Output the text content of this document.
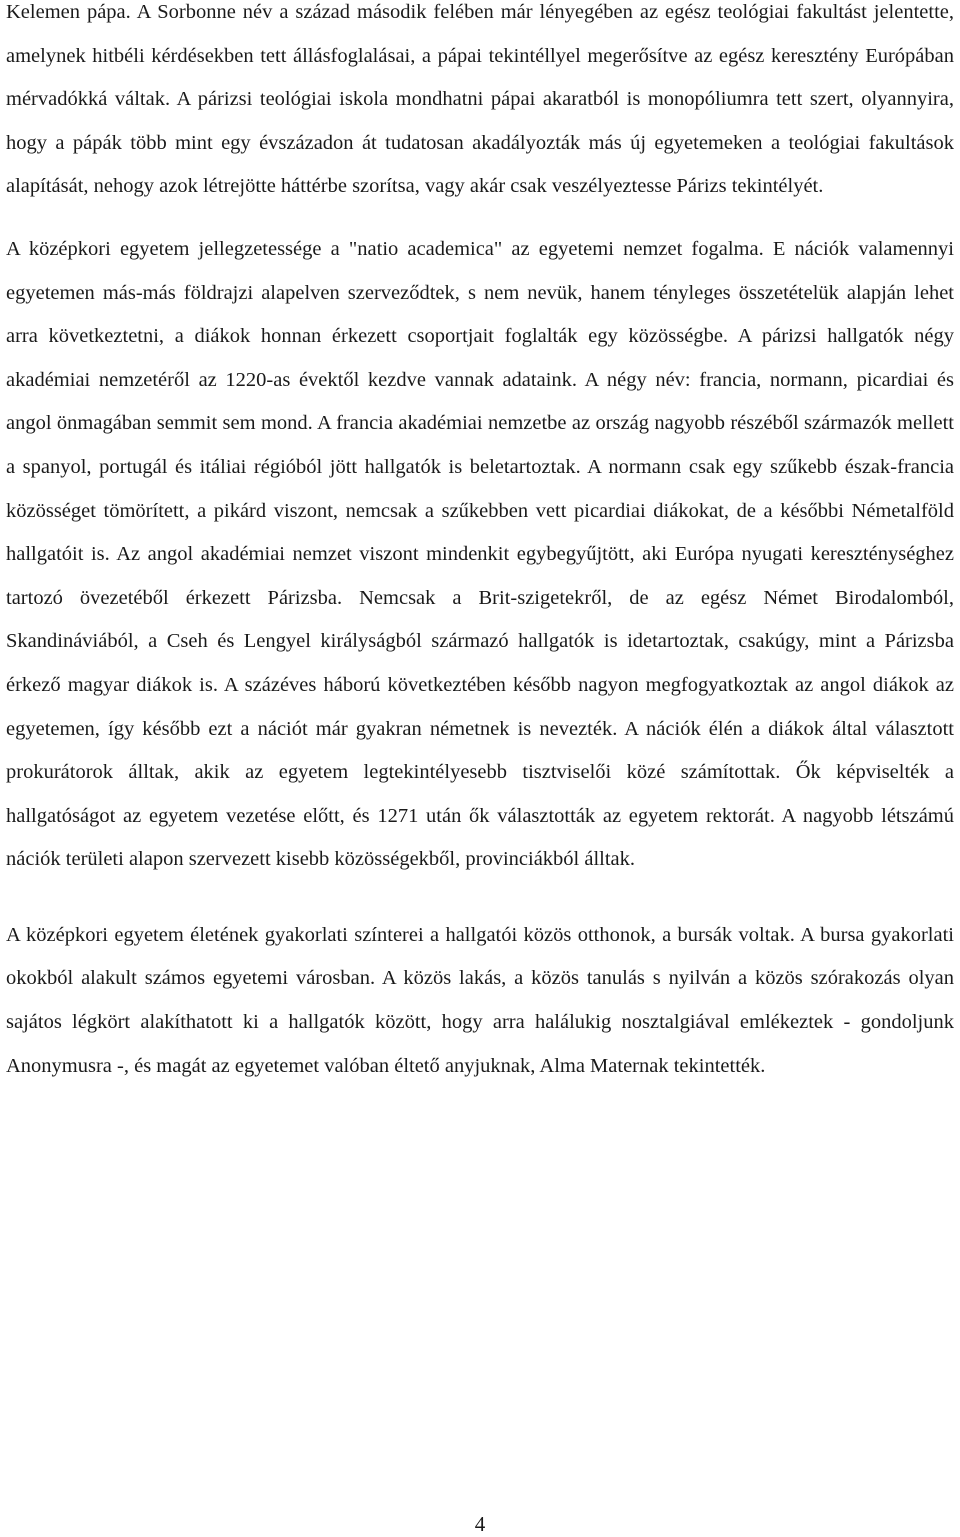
Kelemen pápa. A Sorbonne név a század második felében már lényegében az egész teológiai fakultást jelentette, amelynek hitbéli kérdésekben tett állásfoglalásai, a pápai tekintéllyel megerősítve az egész keresztény Európában mérvadókká váltak. A párizsi teológiai iskola mondhatni pápai akaratból is monopóliumra tett szert, olyannyira, hogy a pápák több mint egy évszázadon át tudatosan akadályozták más új egyetemeken a teológiai fakultások alapítását, nehogy azok létrejötte háttérbe szorítsa, vagy akár csak veszélyeztesse Párizs tekintélyét.

A középkori egyetem jellegzetessége a "natio academica" az egyetemi nemzet fogalma. E nációk valamennyi egyetemen más-más földrajzi alapelven szerveződtek, s nem nevük, hanem tényleges összetételük alapján lehet arra következtetni, a diákok honnan érkezett csoportjait foglalták egy közösségbe. A párizsi hallgatók négy akadémiai nemzetéről az 1220-as évektől kezdve vannak adataink. A négy név: francia, normann, picardiai és angol önmagában semmit sem mond. A francia akadémiai nemzetbe az ország nagyobb részéből származók mellett a spanyol, portugál és itáliai régióból jött hallgatók is beletartoztak. A normann csak egy szűkebb észak-francia közösséget tömörített, a pikárd viszont, nemcsak a szűkebben vett picardiai diákokat, de a későbbi Németalföld hallgatóit is. Az angol akadémiai nemzet viszont mindenkit egybegyűjtött, aki Európa nyugati kereszténységhez tartozó övezetéből érkezett Párizsba. Nemcsak a Brit-szigetekről, de az egész Német Birodalomból, Skandináviából, a Cseh és Lengyel királyságból származó hallgatók is idetartoztak, csakúgy, mint a Párizsba érkező magyar diákok is. A százéves háború következtében később nagyon megfogyatkoztak az angol diákok az egyetemen, így később ezt a nációt már gyakran németnek is nevezték. A nációk élén a diákok által választott prokurátorok álltak, akik az egyetem legtekintélyesebb tisztviselői közé számítottak. Ők képviselték a hallgatóságot az egyetem vezetése előtt, és 1271 után ők választották az egyetem rektorát. A nagyobb létszámú nációk területi alapon szervezett kisebb közösségekből, provinciákból álltak.

A középkori egyetem életének gyakorlati színterei a hallgatói közös otthonok, a bursák voltak. A bursa gyakorlati okokból alakult számos egyetemi városban. A közös lakás, a közös tanulás s nyilván a közös szórakozás olyan sajátos légkört alakíthatott ki a hallgatók között, hogy arra halálukig nosztalgiával emlékeztek - gondoljunk Anonymusra -, és magát az egyetemet valóban éltető anyjuknak, Alma Maternak tekintették.

4
